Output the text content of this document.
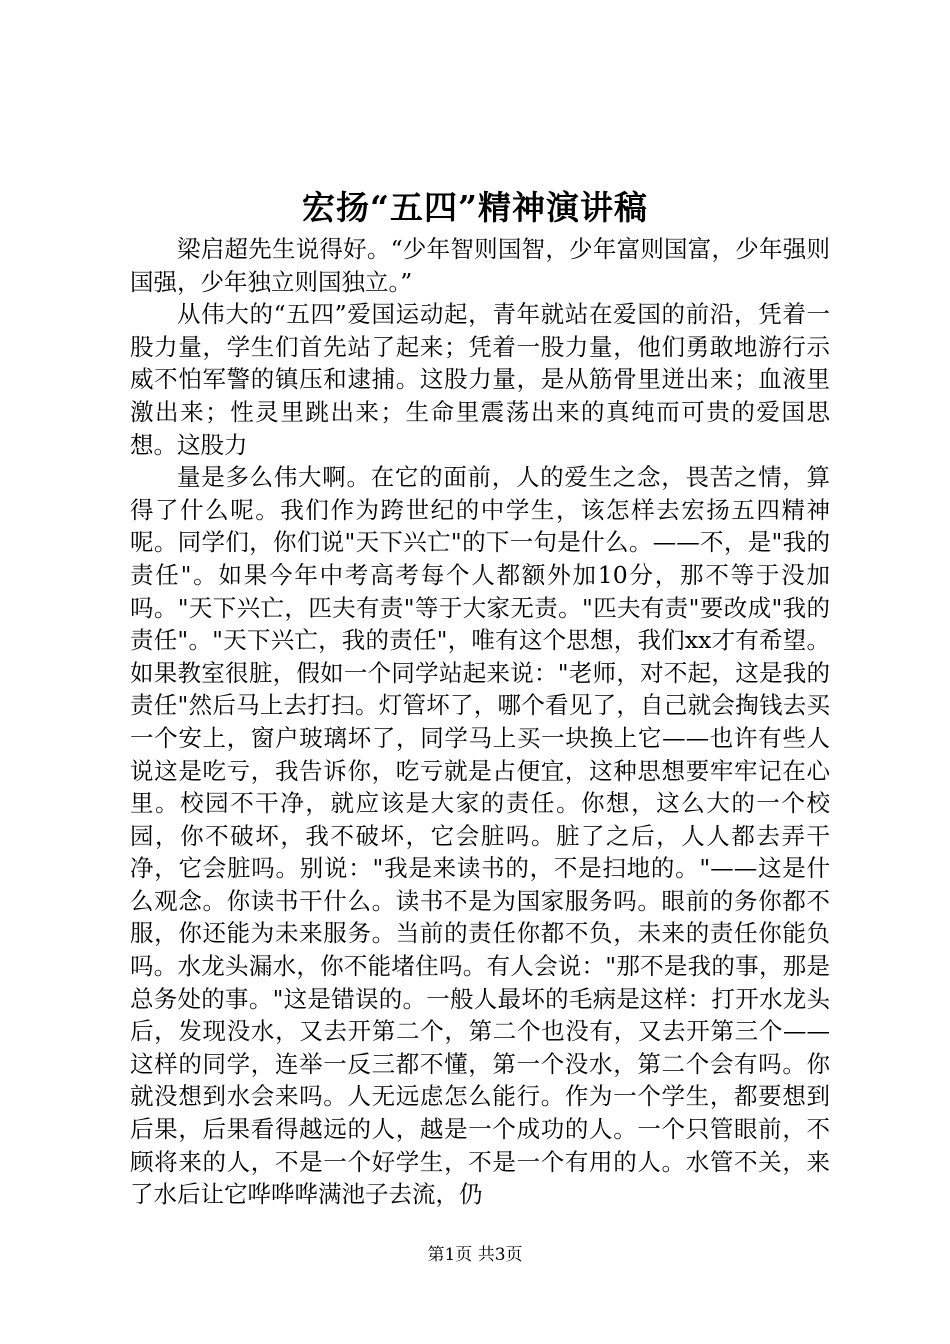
宏扬“五四”精神演讲稿

梁启超先生说得好。“少年智则国智，少年富则国富，少年强则国强，少年独立则国独立。”

从伟大的“五四”爱国运动起，青年就站在爱国的前沿，凭着一股力量，学生们首先站了起来；凭着一股力量，他们勇敢地游行示威不怕军警的镇压和逮捕。这股力量，是从筋骨里迸出来；血液里激出来；性灵里跳出来；生命里震荡出来的真纯而可贵的爱国思想。这股力

量是多么伟大啊。在它的面前，人的爱生之念，畏苦之情，算得了什么呢。我们作为跨世纪的中学生，该怎样去宏扬五四精神呢。同学们，你们说"天下兴亡"的下一句是什么。——不，是"我的责任"。如果今年中考高考每个人都额外加10分，那不等于没加吗。"天下兴亡，匹夫有责"等于大家无责。"匹夫有责"要改成"我的责任"。"天下兴亡，我的责任"，唯有这个思想，我们xx才有希望。如果教室很脏，假如一个同学站起来说："老师，对不起，这是我的责任"然后马上去打扫。灯管坏了，哪个看见了，自己就会掏钱去买一个安上，窗户玻璃坏了，同学马上买一块换上它——也许有些人说这是吃亏，我告诉你，吃亏就是占便宜，这种思想要牢牢记在心里。校园不干净，就应该是大家的责任。你想，这么大的一个校园，你不破坏，我不破坏，它会脏吗。脏了之后，人人都去弄干净，它会脏吗。别说："我是来读书的，不是扫地的。"——这是什么观念。你读书干什么。读书不是为国家服务吗。眼前的务你都不服，你还能为未来服务。当前的责任你都不负，未来的责任你能负吗。水龙头漏水，你不能堵住吗。有人会说："那不是我的事，那是总务处的事。"这是错误的。一般人最坏的毛病是这样：打开水龙头后，发现没水，又去开第二个，第二个也没有，又去开第三个——这样的同学，连举一反三都不懂，第一个没水，第二个会有吗。你就没想到水会来吗。人无远虑怎么能行。作为一个学生，都要想到后果，后果看得越远的人，越是一个成功的人。一个只管眼前，不顾将来的人，不是一个好学生，不是一个有用的人。水管不关，来了水后让它哗哗哗满池子去流，仍

第1页 共3页
